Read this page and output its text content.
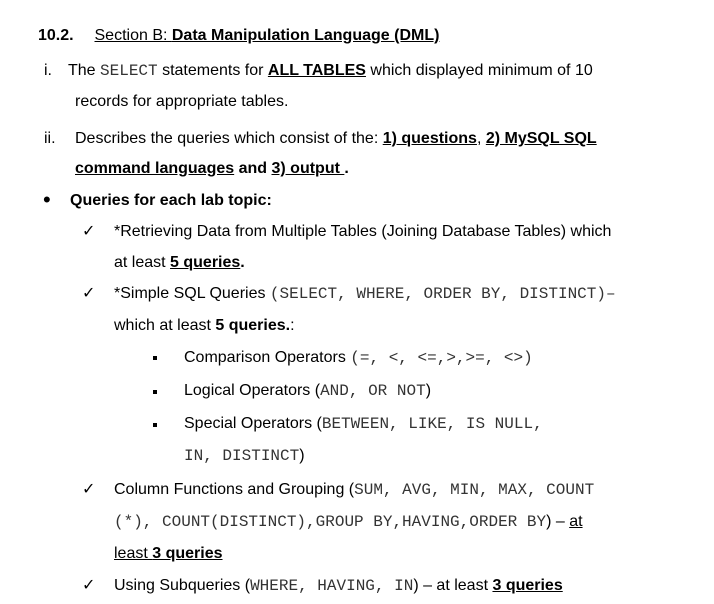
10.2. Section B: Data Manipulation Language (DML)
i. The SELECT statements for ALL TABLES which displayed minimum of 10
records for appropriate tables.
ii. Describes the queries which consist of the: 1) questions, 2) MySQL SQL
command languages and 3) output .
• Queries for each lab topic:
✓ *Retrieving Data from Multiple Tables (Joining Database Tables) which
at least 5 queries.
✓ *Simple SQL Queries (SELECT, WHERE, ORDER BY, DISTINCT)–
which at least 5 queries.:
Comparison Operators (=, <, <=,>,>=, <>)
Logical Operators (AND, OR NOT)
Special Operators (BETWEEN, LIKE, IS NULL,
IN, DISTINCT)
✓ Column Functions and Grouping (SUM, AVG, MIN, MAX, COUNT
(*), COUNT(DISTINCT),GROUP BY,HAVING,ORDER BY) – at
least 3 queries
✓ Using Subqueries (WHERE, HAVING, IN) – at least 3 queries
